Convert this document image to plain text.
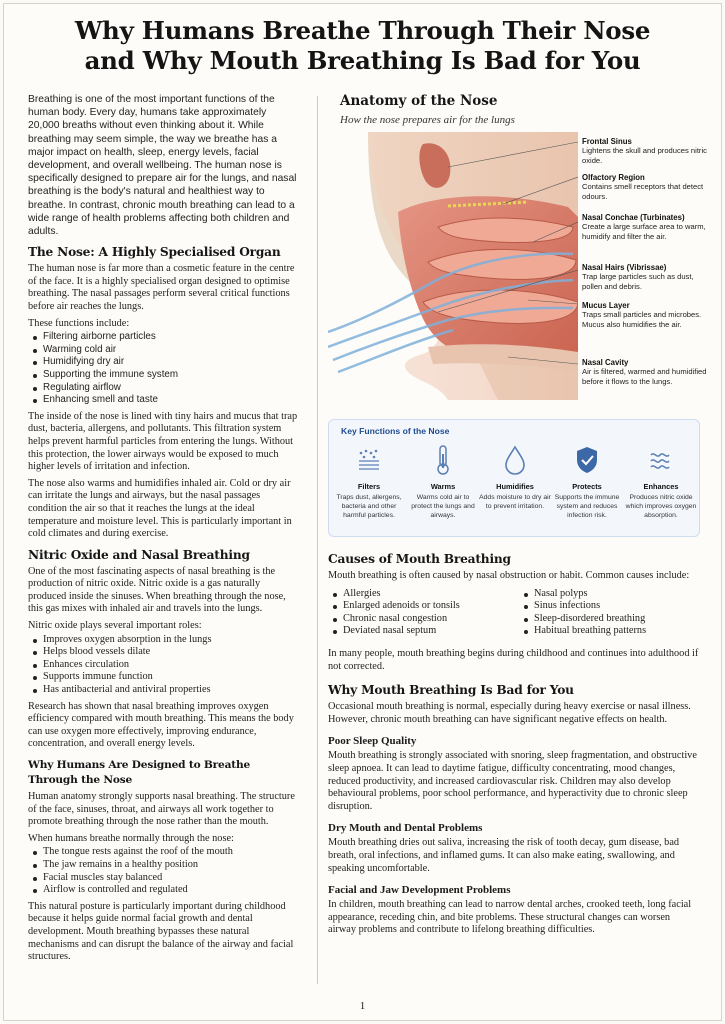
Why Humans Breathe Through Their Nose
and Why Mouth Breathing Is Bad for You

Breathing is one of the most important functions of the human body. Every day, humans take approximately 20,000 breaths without even thinking about it. While breathing may seem simple, the way we breathe has a major impact on health, sleep, energy levels, facial development, and overall wellbeing. The human nose is specifically designed to prepare air for the lungs, and nasal breathing is the body's natural and healthiest way to breathe. In contrast, chronic mouth breathing can lead to a wide range of health problems affecting both children and adults.

The Nose: A Highly Specialised Organ

The human nose is far more than a cosmetic feature in the centre of the face. It is a highly specialised organ designed to optimise breathing. The nasal passages perform several critical functions before air reaches the lungs.

These functions include:

Filtering airborne particles
Warming cold air
Humidifying dry air
Supporting the immune system
Regulating airflow
Enhancing smell and taste

The inside of the nose is lined with tiny hairs and mucus that trap dust, bacteria, allergens, and pollutants. This filtration system helps prevent harmful particles from entering the lungs. Without this protection, the lower airways would be exposed to much higher levels of irritation and infection.

The nose also warms and humidifies inhaled air. Cold or dry air can irritate the lungs and airways, but the nasal passages condition the air so that it reaches the lungs at the ideal temperature and moisture level. This is particularly important in cold climates and during exercise.

Nitric Oxide and Nasal Breathing

One of the most fascinating aspects of nasal breathing is the production of nitric oxide. Nitric oxide is a gas naturally produced inside the sinuses. When breathing through the nose, this gas mixes with inhaled air and travels into the lungs.

Nitric oxide plays several important roles:

Improves oxygen absorption in the lungs
Helps blood vessels dilate
Enhances circulation
Supports immune function
Has antibacterial and antiviral properties

Research has shown that nasal breathing improves oxygen efficiency compared with mouth breathing. This means the body can use oxygen more effectively, improving endurance, concentration, and overall energy levels.

Why Humans Are Designed to Breathe Through the Nose

Human anatomy strongly supports nasal breathing. The structure of the face, sinuses, throat, and airways all work together to promote breathing through the nose rather than the mouth.

When humans breathe normally through the nose:

The tongue rests against the roof of the mouth
The jaw remains in a healthy position
Facial muscles stay balanced
Airflow is controlled and regulated

This natural posture is particularly important during childhood because it helps guide normal facial growth and dental development. Mouth breathing bypasses these natural mechanisms and can disrupt the balance of the airway and facial structures.

Anatomy of the Nose
How the nose prepares air for the lungs
Frontal Sinus
Lightens the skull and produces nitric oxide.
Olfactory Region
Contains smell receptors that detect odours.
Nasal Conchae (Turbinates)
Create a large surface area to warm, humidify and filter the air.
Nasal Hairs (Vibrissae)
Trap large particles such as dust, pollen and debris.
Mucus Layer
Traps small particles and microbes. Mucus also humidifies the air.
Nasal Cavity
Air is filtered, warmed and humidified before it flows to the lungs.
Key Functions of the Nose
Filters
Traps dust, allergens, bacteria and other harmful particles.
Warms
Warms cold air to protect the lungs and airways.
Humidifies
Adds moisture to dry air to prevent irritation.
Protects
Supports the immune system and reduces infection risk.
Enhances
Produces nitric oxide which improves oxygen absorption.
Causes of Mouth Breathing

Mouth breathing is often caused by nasal obstruction or habit. Common causes include:

Allergies
Enlarged adenoids or tonsils
Chronic nasal congestion
Deviated nasal septum
Nasal polyps
Sinus infections
Sleep-disordered breathing
Habitual breathing patterns

In many people, mouth breathing begins during childhood and continues into adulthood if not corrected.

Why Mouth Breathing Is Bad for You

Occasional mouth breathing is normal, especially during heavy exercise or nasal illness. However, chronic mouth breathing can have significant negative effects on health.

Poor Sleep Quality

Mouth breathing is strongly associated with snoring, sleep fragmentation, and obstructive sleep apnoea. It can lead to daytime fatigue, difficulty concentrating, mood changes, reduced productivity, and increased cardiovascular risk. Children may also develop behavioural problems, poor school performance, and hyperactivity due to chronic sleep disruption.

Dry Mouth and Dental Problems

Mouth breathing dries out saliva, increasing the risk of tooth decay, gum disease, bad breath, oral infections, and inflamed gums. It can also make eating, swallowing, and speaking uncomfortable.

Facial and Jaw Development Problems

In children, mouth breathing can lead to narrow dental arches, crooked teeth, long facial appearance, receding chin, and bite problems. These structural changes can worsen airway problems and contribute to lifelong breathing difficulties.

1
